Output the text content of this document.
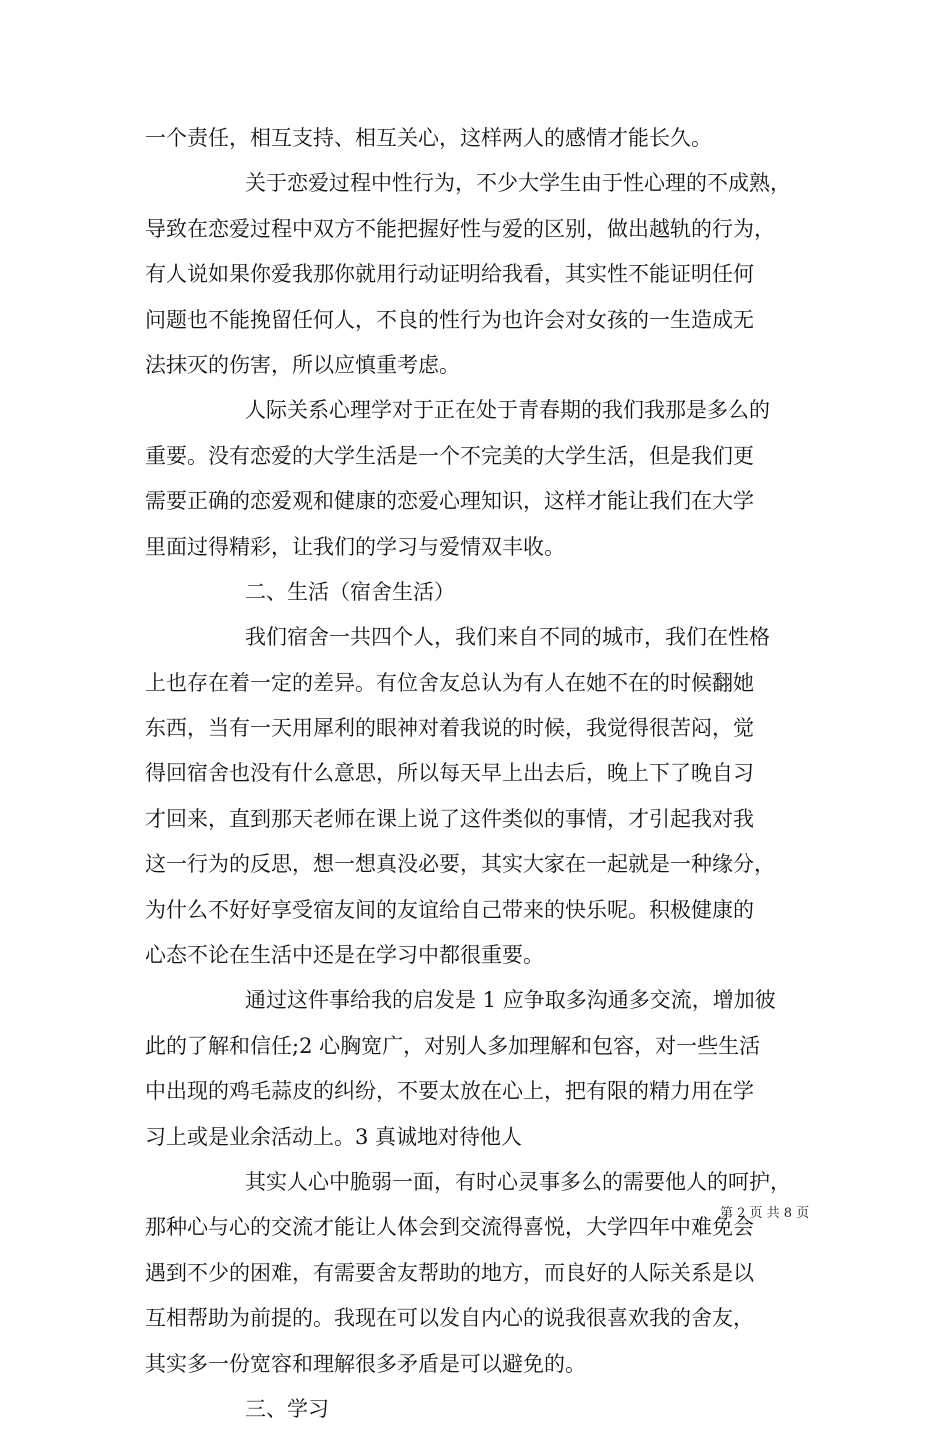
一个责任，相互支持、相互关心，这样两人的感情才能长久。
关于恋爱过程中性行为，不少大学生由于性心理的不成熟，
导致在恋爱过程中双方不能把握好性与爱的区别，做出越轨的行为，
有人说如果你爱我那你就用行动证明给我看，其实性不能证明任何
问题也不能挽留任何人，不良的性行为也许会对女孩的一生造成无
法抹灭的伤害，所以应慎重考虑。
人际关系心理学对于正在处于青春期的我们我那是多么的
重要。没有恋爱的大学生活是一个不完美的大学生活，但是我们更
需要正确的恋爱观和健康的恋爱心理知识，这样才能让我们在大学
里面过得精彩，让我们的学习与爱情双丰收。
二、生活（宿舍生活）
我们宿舍一共四个人，我们来自不同的城市，我们在性格
上也存在着一定的差异。有位舍友总认为有人在她不在的时候翻她
东西，当有一天用犀利的眼神对着我说的时候，我觉得很苦闷，觉
得回宿舍也没有什么意思，所以每天早上出去后，晚上下了晚自习
才回来，直到那天老师在课上说了这件类似的事情，才引起我对我
这一行为的反思，想一想真没必要，其实大家在一起就是一种缘分，
为什么不好好享受宿友间的友谊给自己带来的快乐呢。积极健康的
心态不论在生活中还是在学习中都很重要。
通过这件事给我的启发是 1 应争取多沟通多交流，增加彼
此的了解和信任;2 心胸宽广，对别人多加理解和包容，对一些生活
中出现的鸡毛蒜皮的纠纷，不要太放在心上，把有限的精力用在学
习上或是业余活动上。3 真诚地对待他人
其实人心中脆弱一面，有时心灵事多么的需要他人的呵护，
那种心与心的交流才能让人体会到交流得喜悦，大学四年中难免会
遇到不少的困难，有需要舍友帮助的地方，而良好的人际关系是以
互相帮助为前提的。我现在可以发自内心的说我很喜欢我的舍友，
其实多一份宽容和理解很多矛盾是可以避免的。
三、学习
第 2 页 共 8 页
